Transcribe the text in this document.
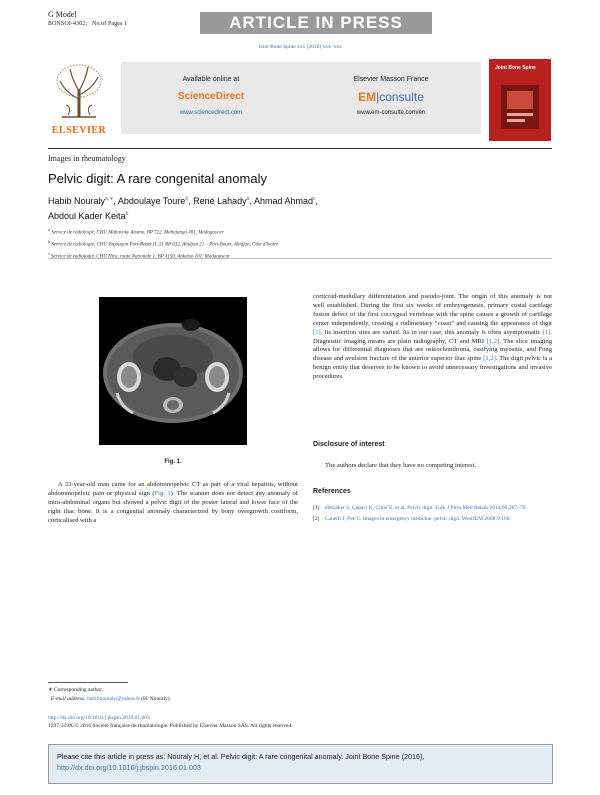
G Model
BONSOI-4302; No.of Pages 1	ARTICLE IN PRESS
Joint Bone Spine xxx (2016) xxx–xxx
ELSEVIER
Available online at
ScienceDirect
www.sciencedirect.com
Elsevier Masson France
EM|consulte
www.em-consulte.com/en
Joint Bone Spine
Images in rheumatology
Pelvic digit: A rare congenital anomaly
Habib Nouraly$^{a,∗}$, Abdoulaye Toure$^b$, René Lahady$^a$, Ahmad Ahmad$^c$,
Abdoul Kader Keita$^b$
$^a$ Service de radiologie, CHU Mahavoky Atsimo, BP 722, Mahajanga 401, Madagascar
$^b$ Service de radiologie, CHU Yopougon Port-Bouet II, 21 BP 632, Abidjan 21 – Port-Bouet, Abidjan, Côte d'Ivoire
$^c$
Fig. 1.
A 33-year-old man came for an abdominopelvic CT as part of a viral hepatitis, without abdominopelvic pain or physical sign (Fig. 1). The scanner does not detect any anomaly of intra-abdominal organs but showed a pelvic digit of the poster lateral and lower face of the right iliac bone. It is a congenital anomaly characterized by bony overgrowth costiform, corticalised with a
corticoid-medullary differentiation and pseudo-joint. The origin of this anomaly is not well established. During the first six weeks of embryogenesis, primary costal cartilage fusion defect of the first coccygeal vertebrae with the spine causes a growth of cartilage center independently, creating a rudimentary “coast” and causing the appearance of digit [1]. Its insertion sites are varied. As in our case, this anomaly is often asymptomatic [1]. Diagnostic imaging means are plain radiography, CT and MRI [1,2]. The slice imaging allows for differential diagnoses that are osteochondroma, ossifying myositis, and Fong disease and avulsion fracture of the anterior superior iliac spine [1,2]. The digit pelvic is a benign entity that deserves to be known to avoid unnecessary investigations and invasive procedures.
Disclosure of interest
The authors declare that they have no competing interest.
References
[1] Hetzäker S, Çapaci K, Çinar E, et al. Pelvic digit. Turk J Phys Med Rehab 2014;60:267–70.
[2] Canelli J, Fee C. Images in emergency medicine: pelvic digit. WestJEM 2008;9:180.
∗ Corresponding author.
E-mail address: habibnouraly@yahoo.fr (H. Nouraly).
http://dx.doi.org/10.1016/j.jbspin.2016.01.003
1297-319X/© 2016 Société française de rhumatologie. Published by Elsevier Masson SAS. All rights reserved.
Please cite this article in press as: Nouraly H, et al. Pelvic digit: A rare congenital anomaly. Joint Bone Spine (2016),
http://dx.doi.org/10.1016/j.jbspin.2016.01.003
